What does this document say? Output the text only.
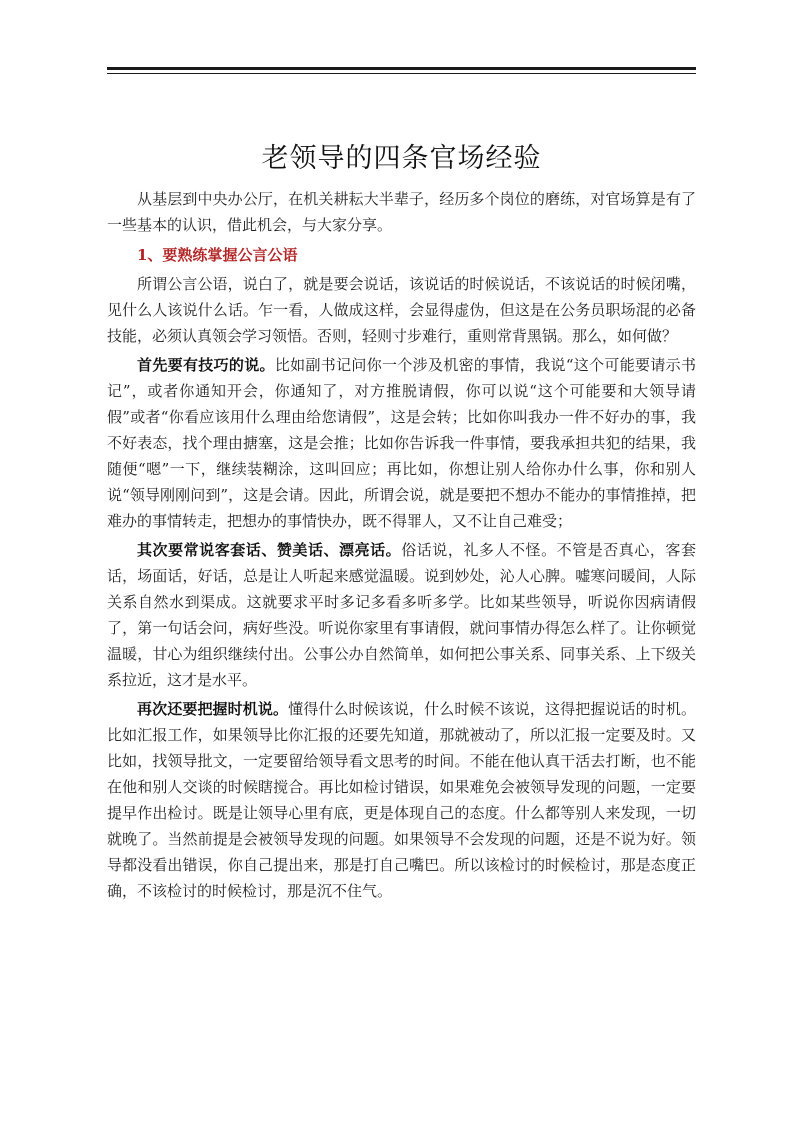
老领导的四条官场经验

从基层到中央办公厅，在机关耕耘大半辈子，经历多个岗位的磨练，对官场算是有了一些基本的认识，借此机会，与大家分享。

1、要熟练掌握公言公语

所谓公言公语，说白了，就是要会说话，该说话的时候说话，不该说话的时候闭嘴，见什么人该说什么话。乍一看，人做成这样，会显得虚伪，但这是在公务员职场混的必备技能，必须认真领会学习领悟。否则，轻则寸步难行，重则常背黑锅。那么，如何做？

首先要有技巧的说。比如副书记问你一个涉及机密的事情，我说“这个可能要请示书记”，或者你通知开会，你通知了，对方推脱请假，你可以说“这个可能要和大领导请假”或者“你看应该用什么理由给您请假”，这是会转；比如你叫我办一件不好办的事，我不好表态，找个理由搪塞，这是会推；比如你告诉我一件事情，要我承担共犯的结果，我随便“嗯”一下，继续装糊涂，这叫回应；再比如，你想让别人给你办什么事，你和别人说“领导刚刚问到”，这是会请。因此，所谓会说，就是要把不想办不能办的事情推掉，把难办的事情转走，把想办的事情快办，既不得罪人，又不让自己难受；

其次要常说客套话、赞美话、漂亮话。俗话说，礼多人不怪。不管是否真心，客套话，场面话，好话，总是让人听起来感觉温暖。说到妙处，沁人心脾。嘘寒问暖间，人际关系自然水到渠成。这就要求平时多记多看多听多学。比如某些领导，听说你因病请假了，第一句话会问，病好些没。听说你家里有事请假，就问事情办得怎么样了。让你顿觉温暖，甘心为组织继续付出。公事公办自然简单，如何把公事关系、同事关系、上下级关系拉近，这才是水平。

再次还要把握时机说。懂得什么时候该说，什么时候不该说，这得把握说话的时机。比如汇报工作，如果领导比你汇报的还要先知道，那就被动了，所以汇报一定要及时。又比如，找领导批文，一定要留给领导看文思考的时间。不能在他认真干活去打断，也不能在他和别人交谈的时候瞎搅合。再比如检讨错误，如果难免会被领导发现的问题，一定要提早作出检讨。既是让领导心里有底，更是体现自己的态度。什么都等别人来发现，一切就晚了。当然前提是会被领导发现的问题。如果领导不会发现的问题，还是不说为好。领导都没看出错误，你自己提出来，那是打自己嘴巴。所以该检讨的时候检讨，那是态度正确，不该检讨的时候检讨，那是沉不住气。
